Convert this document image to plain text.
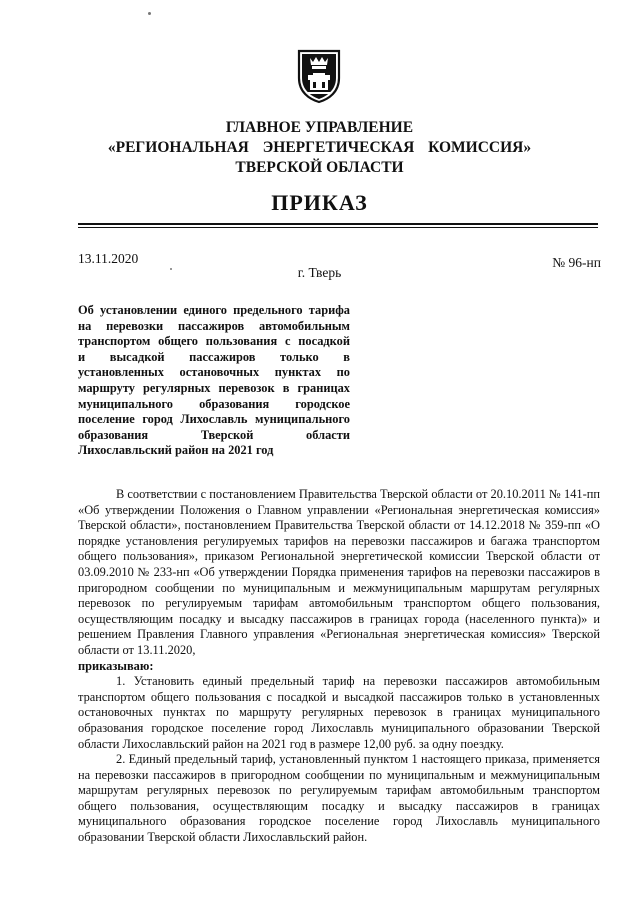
ГЛАВНОЕ УПРАВЛЕНИЕ
«РЕГИОНАЛЬНАЯ ЭНЕРГЕТИЧЕСКАЯ КОМИССИЯ»
ТВЕРСКОЙ ОБЛАСТИ
ПРИКАЗ
13.11.2020	№ 96-нп
г. Тверь
Об установлении единого предельного тарифа
на перевозки пассажиров автомобильным
транспортом общего пользования с посадкой
и высадкой пассажиров только в
установленных остановочных пунктах по
маршруту регулярных перевозок в границах
муниципального образования городское
поселение город Лихославль муниципального
образования Тверской области
Лихославльский район на 2021 год

В соответствии с постановлением Правительства Тверской области от 20.10.2011 № 141-пп «Об утверждении Положения о Главном управлении «Региональная энергетическая комиссия» Тверской области», постановлением Правительства Тверской области от 14.12.2018 № 359-пп «О порядке установления регулируемых тарифов на перевозки пассажиров и багажа транспортом общего пользования», приказом Региональной энергетической комиссии Тверской области от 03.09.2010 № 233-нп «Об утверждении Порядка применения тарифов на перевозки пассажиров в пригородном сообщении по муниципальным и межмуниципальным маршрутам регулярных перевозок по регулируемым тарифам автомобильным транспортом общего пользования, осуществляющим посадку и высадку пассажиров в границах города (населенного пункта)» и решением Правления Главного управления «Региональная энергетическая комиссия» Тверской области от 13.11.2020,

приказываю:

1. Установить единый предельный тариф на перевозки пассажиров автомобильным транспортом общего пользования с посадкой и высадкой пассажиров только в установленных остановочных пунктах по маршруту регулярных перевозок в границах муниципального образования городское поселение город Лихославль муниципального образовании Тверской области Лихославльский район на 2021 год в размере 12,00 руб. за одну поездку.

2. Единый предельный тариф, установленный пунктом 1 настоящего приказа, применяется на перевозки пассажиров в пригородном сообщении по муниципальным и межмуниципальным маршрутам регулярных перевозок по регулируемым тарифам автомобильным транспортом общего пользования, осуществляющим посадку и высадку пассажиров в границах муниципального образования городское поселение город Лихославль муниципального образовании Тверской области Лихославльский район.
